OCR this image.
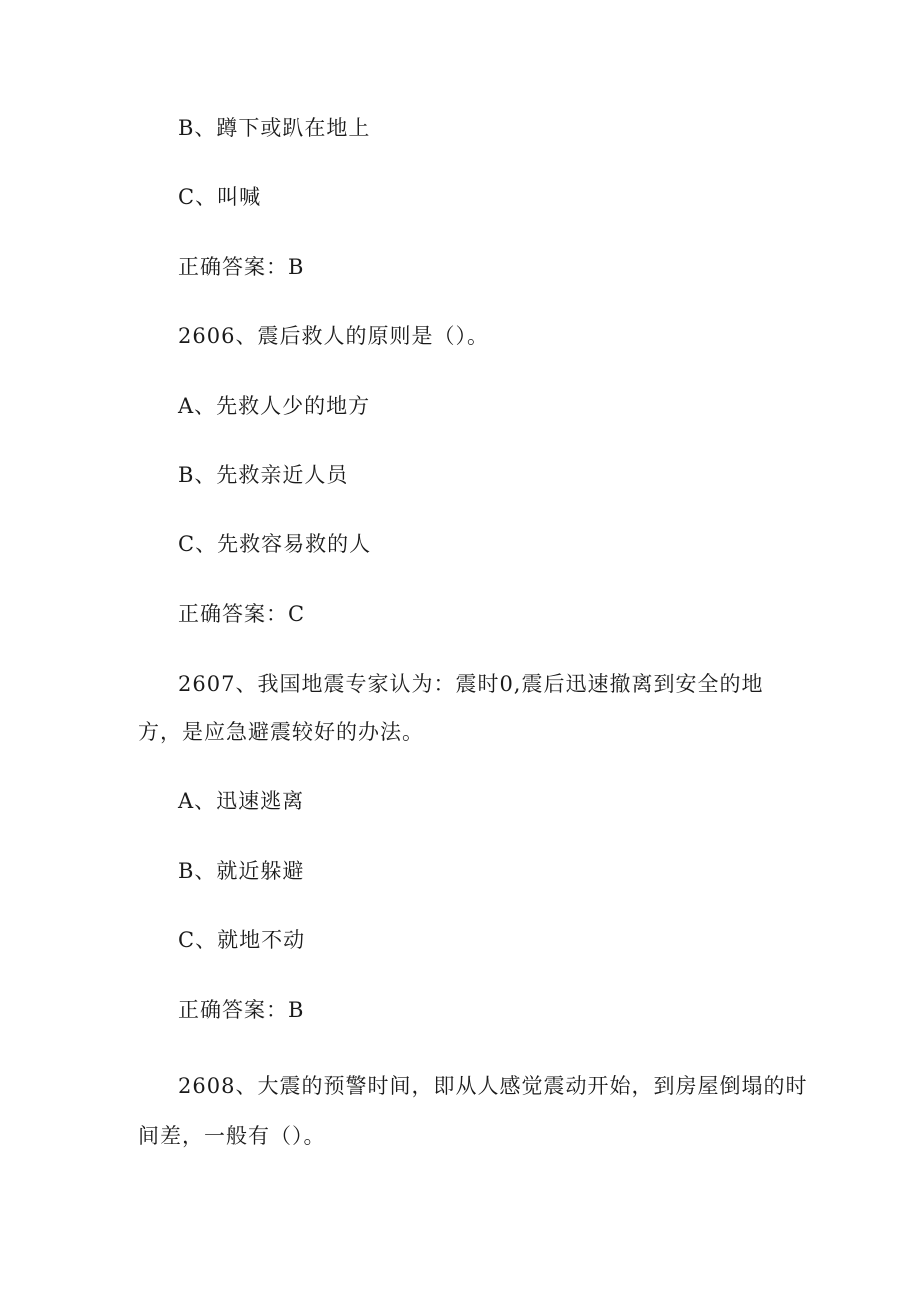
B、蹲下或趴在地上
C、叫喊
正确答案：B
2606、震后救人的原则是（）。
A、先救人少的地方
B、先救亲近人员
C、先救容易救的人
正确答案：C
2607、我国地震专家认为：震时0,震后迅速撤离到安全的地
方，是应急避震较好的办法。
A、迅速逃离
B、就近躲避
C、就地不动
正确答案：B
2608、大震的预警时间，即从人感觉震动开始，到房屋倒塌的时
间差，一般有（）。
